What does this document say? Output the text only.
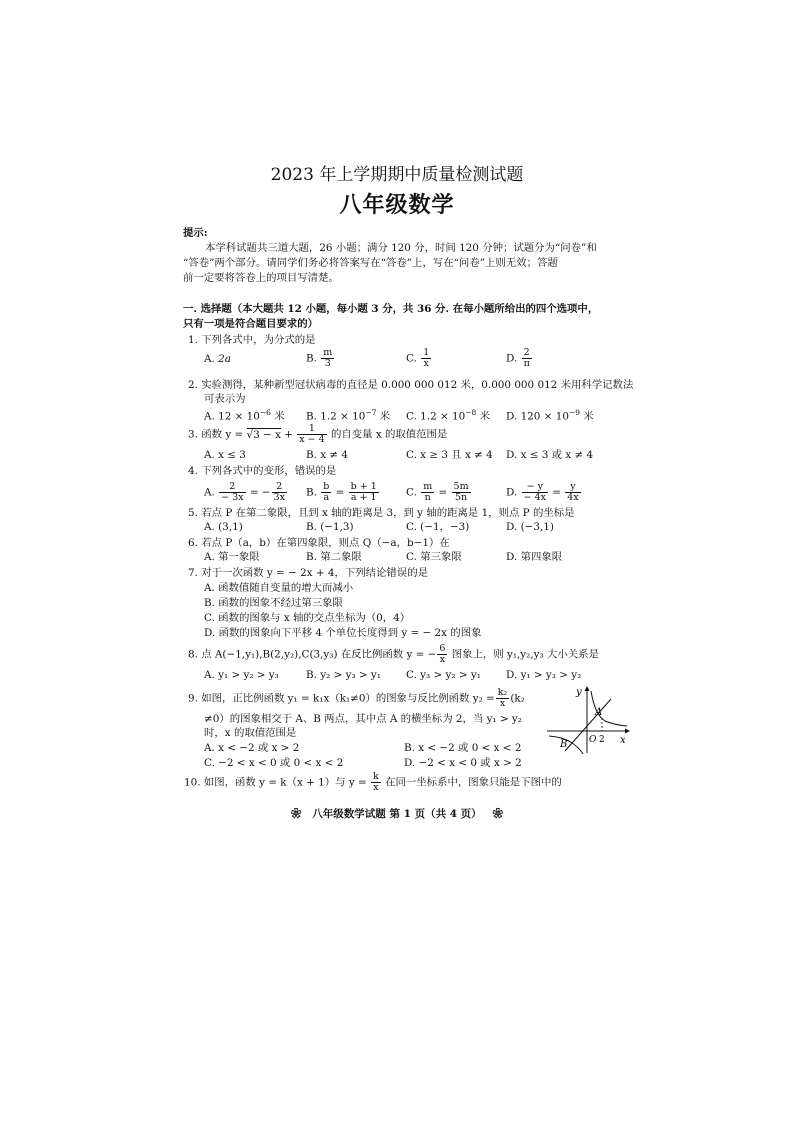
2023 年上学期期中质量检测试题
八年级数学
提示:
本学科试题共三道大题，26 小题；满分 120 分，时间 120 分钟；试题分为“问卷”和
“答卷”两个部分。请同学们务必将答案写在“答卷”上，写在“问卷”上则无效；答题
前一定要将答卷上的项目写清楚。
一. 选择题（本大题共 12 小题，每小题 3 分，共 36 分. 在每小题所给出的四个选项中，
只有一项是符合题目要求的）
1. 下列各式中，为分式的是
A. 2a	B. $\frac{m}{3}$	C. $\frac{1}{x}$	D. $\frac{2}{\pi}$
2. 实验测得，某种新型冠状病毒的直径是 0.000 000 012 米，0.000 000 012 米用科学记数法
可表示为
A. $12 \times 10^{-6}$ 米 B. $1.2 \times 10^{-7}$ 米 C. $1.2 \times 10^{-8}$ 米 D. $120 \times 10^{-9}$ 米
3. 函数 $y = √3 - x + \frac{1}{x - 4}$ 的自变量 x 的取值范围是
A. x ≤ 3	B. x ≠ 4	C. x ≥ 3 且 x ≠ 4 D. x ≤ 3 或 x ≠ 4
4. 下列各式中的变形，错误的是
A. $\frac{2}{- 3x}$ = − $\frac{2}{3x} B$. $\frac{b}{a} = \frac{b + 1}{a + 1}$	C. $\frac{m}{n} = \frac{5m}{5n}$	D. $\frac{- y}{- 4x} = \frac{y}{4x}$
5. 若点 P 在第二象限，且到 x 轴的距离是 3，到 y 轴的距离是 1，则点 P 的坐标是
A. (3,1)	B. (−1,3)	C. (−1，−3)	D. (−3,1)
6. 若点 P（a，b）在第四象限，则点 Q（−a，b−1）在
A. 第一象限	B. 第二象限	C. 第三象限	D. 第四象限
7. 对于一次函数 y = − 2x + 4，下列结论错误的是
A. 函数值随自变量的增大而减小
B. 函数的图象不经过第三象限
C. 函数的图象与 x 轴的交点坐标为（0，4）
D. 函数的图象向下平移 4 个单位长度得到 y = − 2x 的图象
8. 点 A(−1,y₁),B(2,y₂),C(3,y₃) 在反比例函数 y = − $\frac{6}{x}$ 图象上，则 y₁,y₂,y₃ 大小关系是
A. y₁ > y₂ > y₃	B. y₂ > y₃ > y₁ C. y₃ > y₂ > y₁ D. y₁ > y₃ > y₂
9. 如图，正比例函数 y₁ = k₁x（k₁≠0）的图象与反比例函数 $y_2 = \frac{\text{k₂}}{x} (k_2$
≠0）的图象相交于 A、B 两点，其中点 A 的横坐标为 2，当 y₁ > y₂
时，x 的取值范围是
A. x < −2 或 x > 2	B. x < −2 或 0 < x < 2
C. −2 < x < 0 或 0 < x < 2	D. −2 < x < 0 或 x > 2
y
x
O 2
A
B
10. 如图，函数 y = k（x + 1）与 $y = \frac{k}{x}$ 在同一坐标系中，图象只能是下图中的
❀ 八年级数学试题 第 1 页（共 4 页） ❀
